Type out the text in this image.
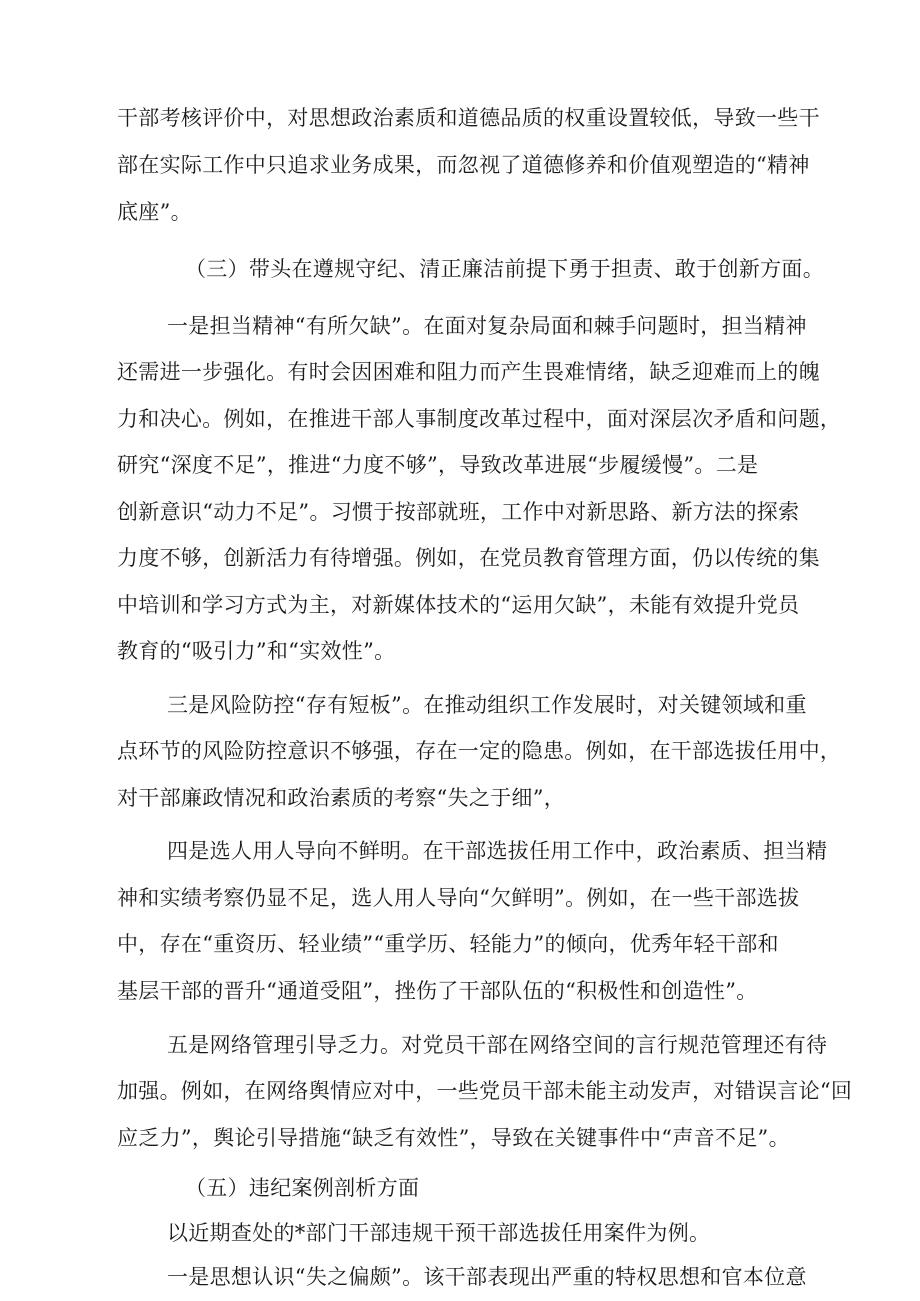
干部考核评价中，对思想政治素质和道德品质的权重设置较低，导致一些干
部在实际工作中只追求业务成果，而忽视了道德修养和价值观塑造的“精神
底座”。
（三）带头在遵规守纪、清正廉洁前提下勇于担责、敢于创新方面。
一是担当精神“有所欠缺”。在面对复杂局面和棘手问题时，担当精神
还需进一步强化。有时会因困难和阻力而产生畏难情绪，缺乏迎难而上的魄
力和决心。例如，在推进干部人事制度改革过程中，面对深层次矛盾和问题，
研究“深度不足”，推进“力度不够”，导致改革进展“步履缓慢”。二是
创新意识“动力不足”。习惯于按部就班，工作中对新思路、新方法的探索
力度不够，创新活力有待增强。例如，在党员教育管理方面，仍以传统的集
中培训和学习方式为主，对新媒体技术的“运用欠缺”，未能有效提升党员
教育的“吸引力”和“实效性”。
三是风险防控“存有短板”。在推动组织工作发展时，对关键领域和重
点环节的风险防控意识不够强，存在一定的隐患。例如，在干部选拔任用中，
对干部廉政情况和政治素质的考察“失之于细”，
四是选人用人导向不鲜明。在干部选拔任用工作中，政治素质、担当精
神和实绩考察仍显不足，选人用人导向“欠鲜明”。例如，在一些干部选拔
中，存在“重资历、轻业绩”“重学历、轻能力”的倾向，优秀年轻干部和
基层干部的晋升“通道受阻”，挫伤了干部队伍的“积极性和创造性”。
五是网络管理引导乏力。对党员干部在网络空间的言行规范管理还有待
加强。例如，在网络舆情应对中，一些党员干部未能主动发声，对错误言论“回
应乏力”，舆论引导措施“缺乏有效性”，导致在关键事件中“声音不足”。
（五）违纪案例剖析方面
以近期查处的*部门干部违规干预干部选拔任用案件为例。
一是思想认识“失之偏颇”。该干部表现出严重的特权思想和官本位意
